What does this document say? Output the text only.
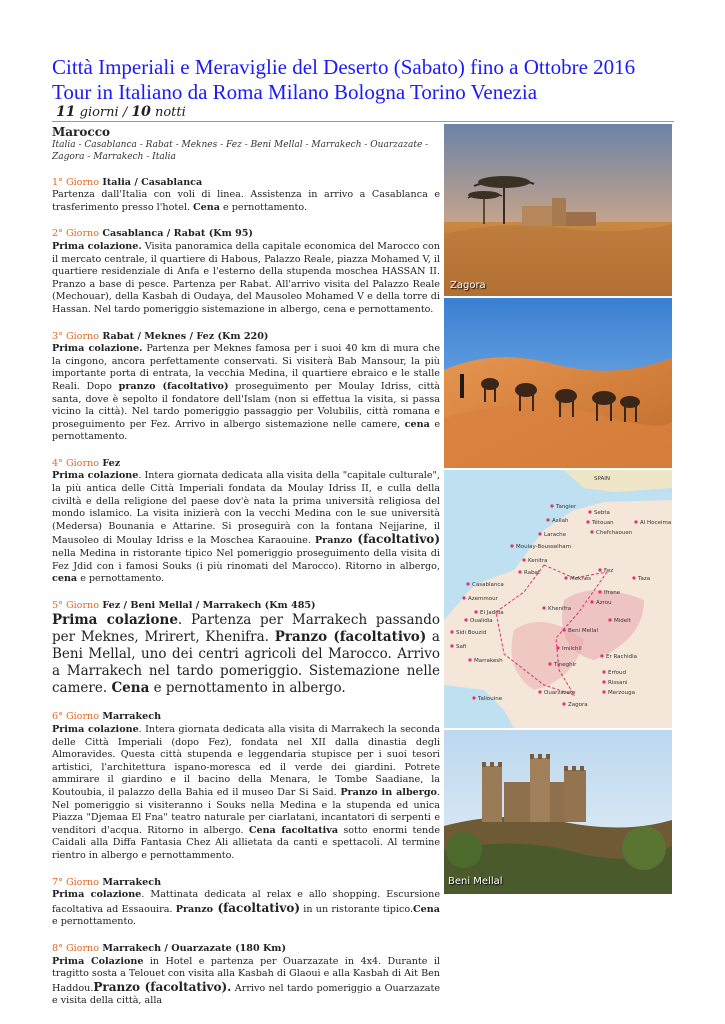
Città Imperiali e Meraviglie del Deserto (Sabato) fino a Ottobre 2016
Tour in Italiano da Roma Milano Bologna Torino Venezia
11 giorni / 10 notti
Marocco
Italia - Casablanca - Rabat - Meknes - Fez - Beni Mellal - Marrakech - Ouarzazate - Zagora - Marrakech - Italia
1° Giorno Italia / Casablanca
Partenza dall'Italia con voli di linea. Assistenza in arrivo a Casablanca e trasferimento presso l'hotel. Cena e pernottamento.
2° Giorno Casablanca / Rabat (Km 95)
Prima colazione. Visita panoramica della capitale economica del Marocco con il mercato centrale, il quartiere di Habous, Palazzo Reale, piazza Mohamed V, il quartiere residenziale di Anfa e l'esterno della stupenda moschea HASSAN II. Pranzo a base di pesce. Partenza per Rabat. All'arrivo visita del Palazzo Reale (Mechouar), della Kasbah di Oudaya, del Mausoleo Mohamed V e della torre di Hassan. Nel tardo pomeriggio sistemazione in albergo, cena e pernottamento.
3° Giorno Rabat / Meknes / Fez (Km 220)
Prima colazione. Partenza per Meknes famosa per i suoi 40 km di mura che la cingono, ancora perfettamente conservati. Si visiterà Bab Mansour, la più importante porta di entrata, la vecchia Medina, il quartiere ebraico e le stalle Reali. Dopo pranzo (facoltativo) proseguimento per Moulay Idriss, città santa, dove è sepolto il fondatore dell'Islam (non si effettua la visita, si passa vicino la città). Nel tardo pomeriggio passaggio per Volubilis, città romana e proseguimento per Fez. Arrivo in albergo sistemazione nelle camere, cena e pernottamento.
4° Giorno Fez
Prima colazione. Intera giornata dedicata alla visita della "capitale culturale", la più antica delle Città Imperiali fondata da Moulay Idriss II, e culla della civiltà e della religione del paese dov'è nata la prima università religiosa del mondo islamico. La visita inizierà con la vecchi Medina con le sue università (Medersa) Bounania e Attarine. Si proseguirà con la fontana Nejjarine, il Mausoleo di Moulay Idriss e la Moschea Karaouine. Pranzo (facoltativo) nella Medina in ristorante tipico Nel pomeriggio proseguimento della visita di Fez Jdid con i famosi Souks (i più rinomati del Marocco). Ritorno in albergo, cena e pernottamento.
5° Giorno Fez / Beni Mellal / Marrakech (Km 485)
Prima colazione. Partenza per Marrakech passando per Meknes, Mrirert, Khenifra. Pranzo (facoltativo) a Beni Mellal, uno dei centri agricoli del Marocco. Arrivo a Marrakech nel tardo pomeriggio. Sistemazione nelle camere. Cena e pernottamento in albergo.
6° Giorno Marrakech
Prima colazione. Intera giornata dedicata alla visita di Marrakech la seconda delle Città Imperiali (dopo Fez), fondata nel XII dalla dinastia degli Almoravides. Questa città stupenda e leggendaria stupisce per i suoi tesori artistici, l'architettura ispano-moresca ed il verde dei giardini. Potrete ammirare il giardino e il bacino della Menara, le Tombe Saadiane, la Koutoubia, il palazzo della Bahia ed il museo Dar Si Said. Pranzo in albergo. Nel pomeriggio si visiteranno i Souks nella Medina e la stupenda ed unica Piazza "Djemaa El Fna" teatro naturale per ciarlatani, incantatori di serpenti e venditori d'acqua. Ritorno in albergo. Cena facoltativa sotto enormi tende Caidali alla Diffa Fantasia Chez Ali allietata da canti e spettacoli. Al termine rientro in albergo e pernottammento.
7° Giorno Marrakech
Prima colazione. Mattinata dedicata al relax e allo shopping. Escursione facoltativa ad Essaouira. Pranzo (facoltativo) in un ristorante tipico.Cena e pernottamento.
8° Giorno Marrakech / Ouarzazate (180 Km)
Prima Colazione in Hotel e partenza per Ouarzazate in 4x4. Durante il tragitto sosta a Telouet con visita alla Kasbah di Glaoui e alla Kasbah di Ait Ben Haddou.Pranzo (facoltativo). Arrivo nel tardo pomeriggio a Ouarzazate e visita della città, alla
Zagora
SPAIN
Sebta
Tangier
Tétouan
Asilah
Chefchaouen
Al Hoceima
Larache
Moulay-Bousselham
Kenitra
Rabat
Meknès
Fez
Taza
Casablanca
Azemmour
Ifrane
El Jadida
Khenifra
Azrou
Oualidia	Midelt
Sidi Bouzid	Beni Mellal
Safi	Imilchil
Er Rachidia
Tineghir
Erfoud
Marrakesh
Rissani
Merzouga
Ouarzazate
Taliouine
Zagora
Beni Mellal
